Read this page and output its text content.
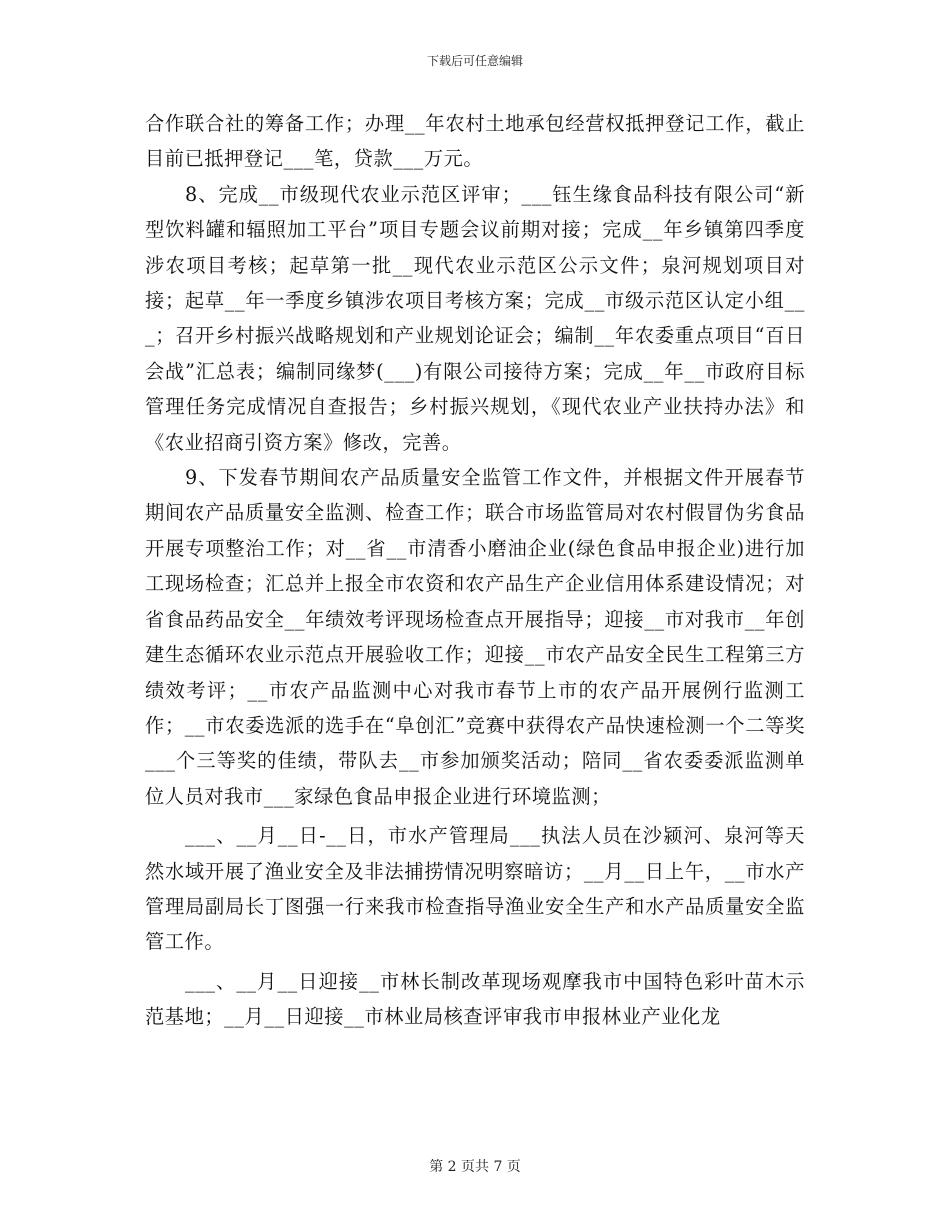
下载后可任意编辑

合作联合社的筹备工作；办理__年农村土地承包经营权抵押登记工作，截止目前已抵押登记___笔，贷款___万元。

8、完成__市级现代农业示范区评审；___钰生缘食品科技有限公司“新型饮料罐和辐照加工平台”项目专题会议前期对接；完成__年乡镇第四季度涉农项目考核；起草第一批__现代农业示范区公示文件；泉河规划项目对接；起草__年一季度乡镇涉农项目考核方案；完成__市级示范区认定小组___；召开乡村振兴战略规划和产业规划论证会；编制__年农委重点项目“百日会战”汇总表；编制同缘梦(___)有限公司接待方案；完成__年__市政府目标管理任务完成情况自查报告；乡村振兴规划，《现代农业产业扶持办法》和《农业招商引资方案》修改，完善。

9、下发春节期间农产品质量安全监管工作文件，并根据文件开展春节期间农产品质量安全监测、检查工作；联合市场监管局对农村假冒伪劣食品开展专项整治工作；对__省__市清香小磨油企业(绿色食品申报企业)进行加工现场检查；汇总并上报全市农资和农产品生产企业信用体系建设情况；对省食品药品安全__年绩效考评现场检查点开展指导；迎接__市对我市__年创建生态循环农业示范点开展验收工作；迎接__市农产品安全民生工程第三方绩效考评；__市农产品监测中心对我市春节上市的农产品开展例行监测工作；__市农委选派的选手在“阜创汇”竞赛中获得农产品快速检测一个二等奖___个三等奖的佳绩，带队去__市参加颁奖活动；陪同__省农委委派监测单位人员对我市___家绿色食品申报企业进行环境监测；

___、__月__日-__日，市水产管理局___执法人员在沙颍河、泉河等天然水域开展了渔业安全及非法捕捞情况明察暗访；__月__日上午，__市水产管理局副局长丁图强一行来我市检查指导渔业安全生产和水产品质量安全监管工作。

___、__月__日迎接__市林长制改革现场观摩我市中国特色彩叶苗木示范基地；__月__日迎接__市林业局核查评审我市申报林业产业化龙

第 2 页共 7 页
